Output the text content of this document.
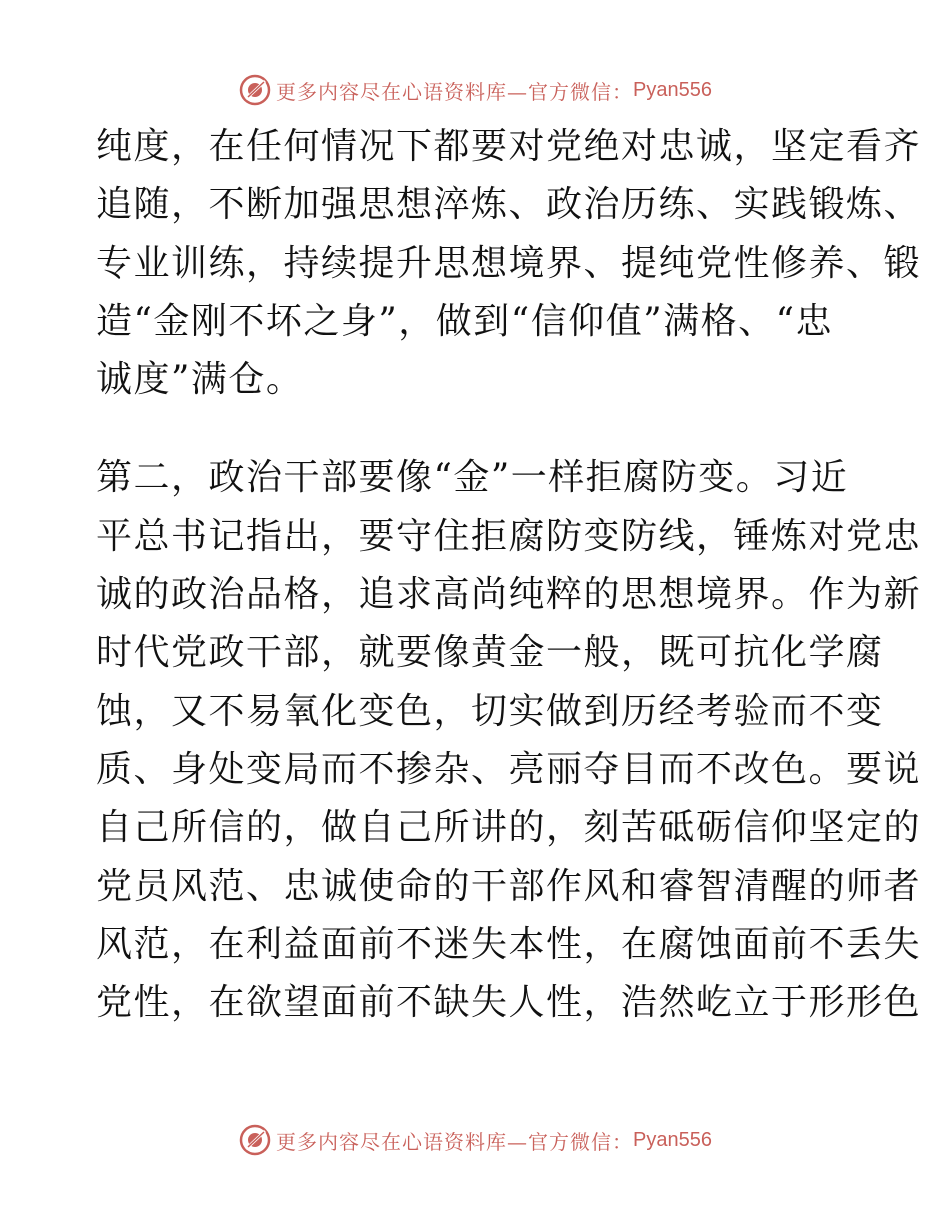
更多内容尽在心语资料库—官方微信： Pyan556
纯度，在任何情况下都要对党绝对忠诚，坚定看齐
追随，不断加强思想淬炼、政治历练、实践锻炼、
专业训练，持续提升思想境界、提纯党性修养、锻
造“金刚不坏之身”，做到“信仰值”满格、“忠
诚度”满仓。
第二，政治干部要像“金”一样拒腐防变。习近
平总书记指出，要守住拒腐防变防线，锤炼对党忠
诚的政治品格，追求高尚纯粹的思想境界。作为新
时代党政干部，就要像黄金一般，既可抗化学腐
蚀，又不易氧化变色，切实做到历经考验而不变
质、身处变局而不掺杂、亮丽夺目而不改色。要说
自己所信的，做自己所讲的，刻苦砥砺信仰坚定的
党员风范、忠诚使命的干部作风和睿智清醒的师者
风范，在利益面前不迷失本性，在腐蚀面前不丢失
党性，在欲望面前不缺失人性，浩然屹立于形形色
更多内容尽在心语资料库—官方微信： Pyan556
